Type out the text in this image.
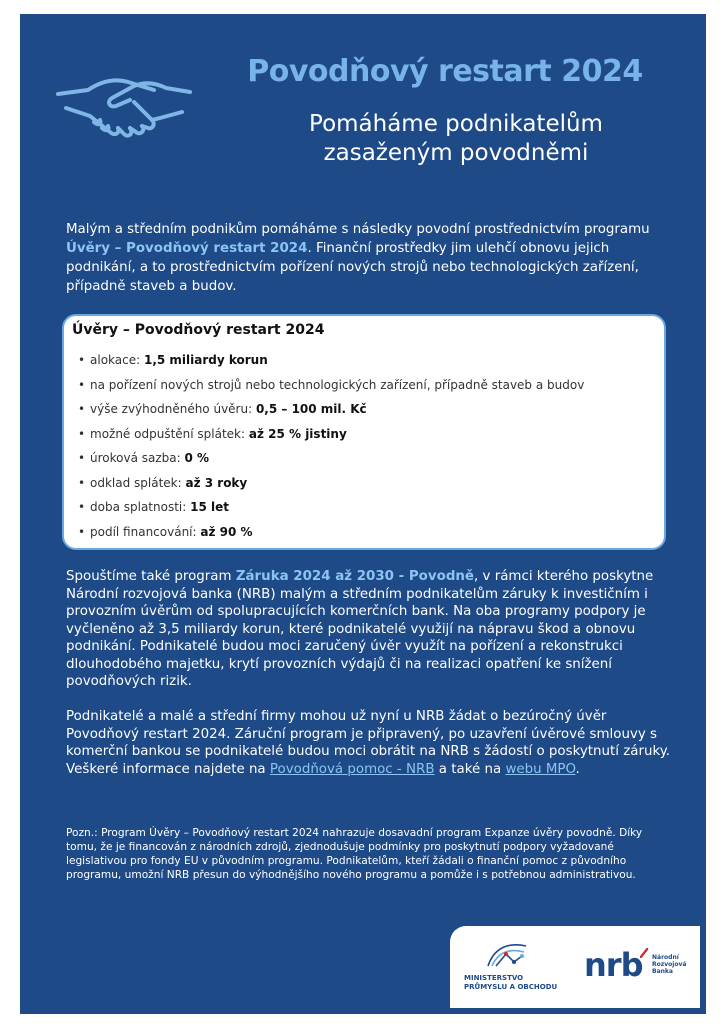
Povodňový restart 2024
Pomáháme podnikatelům
zasaženým povodněmi

Malým a středním podnikům pomáháme s následky povodní prostřednictvím programu Úvěry – Povodňový restart 2024. Finanční prostředky jim ulehčí obnovu jejich podnikání, a to prostřednictvím pořízení nových strojů nebo technologických zařízení, případně staveb a budov.

Úvěry – Povodňový restart 2024
• alokace: 1,5 miliardy korun
• na pořízení nových strojů nebo technologických zařízení, případně staveb a budov
• výše zvýhodněného úvěru: 0,5 – 100 mil. Kč
• možné odpuštění splátek: až 25 % jistiny
• úroková sazba: 0 %
• odklad splátek: až 3 roky
• doba splatnosti: 15 let
• podíl financování: až 90 %

Spouštíme také program Záruka 2024 až 2030 - Povodně, v rámci kterého poskytne Národní rozvojová banka (NRB) malým a středním podnikatelům záruky k investičním i provozním úvěrům od spolupracujících komerčních bank. Na oba programy podpory je vyčleněno až 3,5 miliardy korun, které podnikatelé využijí na nápravu škod a obnovu podnikání. Podnikatelé budou moci zaručený úvěr využít na pořízení a rekonstrukci dlouhodobého majetku, krytí provozních výdajů či na realizaci opatření ke snížení povodňových rizik.

Podnikatelé a malé a střední firmy mohou už nyní u NRB žádat o bezúročný úvěr Povodňový restart 2024. Záruční program je připravený, po uzavření úvěrové smlouvy s komerční bankou se podnikatelé budou moci obrátit na NRB s žádostí o poskytnutí záruky. Veškeré informace najdete na Povodňová pomoc - NRB a také na webu MPO.

Pozn.: Program Úvěry – Povodňový restart 2024 nahrazuje dosavadní program Expanze úvěry povodně. Díky tomu, že je financován z národních zdrojů, zjednodušuje podmínky pro poskytnutí podpory vyžadované legislativou pro fondy EU v původním programu. Podnikatelům, kteří žádali o finanční pomoc z původního programu, umožní NRB přesun do výhodnějšího nového programu a pomůže i s potřebnou administrativou.

MINISTERSTVO
PRŮMYSLU A OBCHODU
nrb Národní
Rozvojová
Banka
